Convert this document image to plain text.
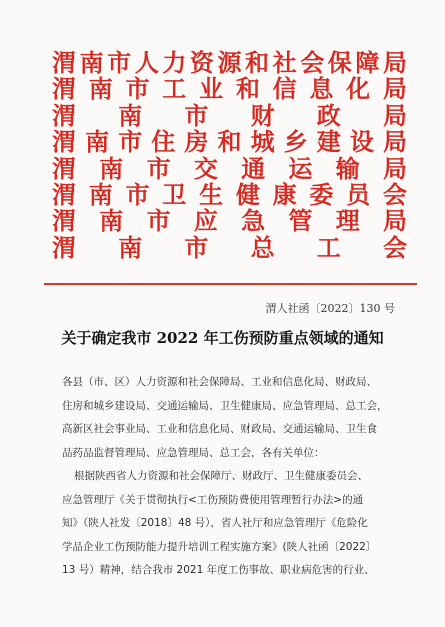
渭 南 市 人 力 资 源 和 社 会 保 障 局
渭 南 市 工 业 和 信 息 化 局
渭 南 市 财 政 局
渭 南 市 住 房 和 城 乡 建 设 局
渭 南 市 交 通 运 输 局
渭 南 市 卫 生 健 康 委 员 会
渭 南 市 应 急 管 理 局
渭 南 市 总 工 会
渭人社函〔2022〕130 号
关于确定我市 2022 年工伤预防重点领域的通知

各县（市、区）人力资源和社会保障局、工业和信息化局、财政局、

住房和城乡建设局、交通运输局、卫生健康局、应急管理局、总工会，

高新区社会事业局、工业和信息化局、财政局、交通运输局、卫生食

品药品监督管理局、应急管理局、总工会，各有关单位：

根据陕西省人力资源和社会保障厅、财政厅、卫生健康委员会、

应急管理厅《关于贯彻执行<工伤预防费使用管理暂行办法>的通

知》（陕人社发〔2018〕48 号），省人社厅和应急管理厅《危险化

学品企业工伤预防能力提升培训工程实施方案》(陕人社函〔2022〕

13 号）精神，结合我市 2021 年度工伤事故、职业病危害的行业、
